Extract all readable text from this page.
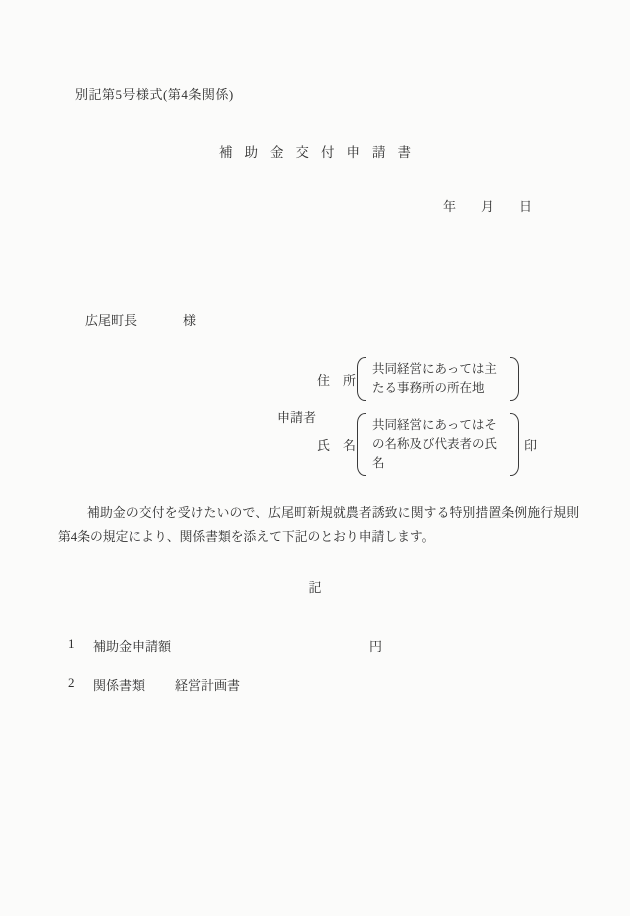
別記第5号様式(第4条関係)
補助金交付申請書
年 月 日
広尾町長	様
申請者
住　所
共同経営にあっては主
たる事務所の所在地
氏　名
共同経営にあってはそ
の名称及び代表者の氏
名
印
補助金の交付を受けたいので、広尾町新規就農者誘致に関する特別措置条例施行規則第4条の規定により、関係書類を添えて下記のとおり申請します。
記
1 補助金申請額	円
2 関係書類 経営計画書
